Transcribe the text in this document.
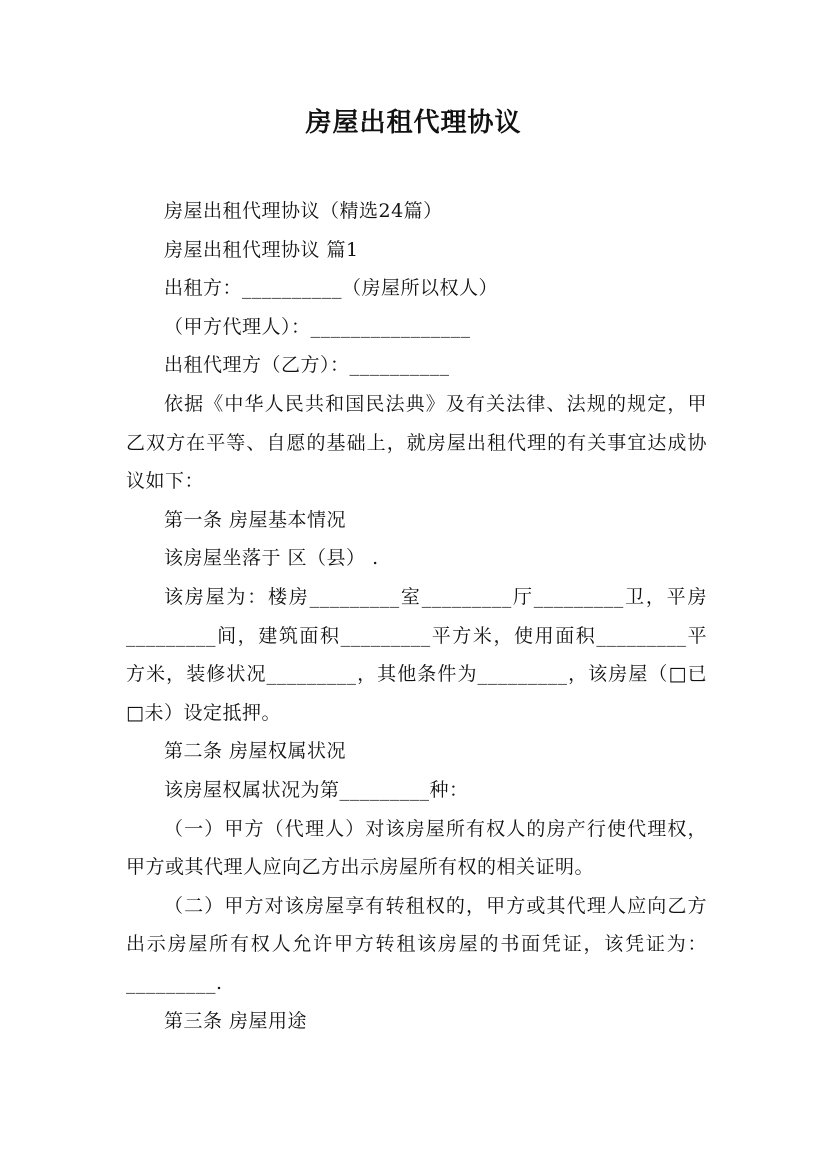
房屋出租代理协议

房屋出租代理协议（精选24篇）

房屋出租代理协议 篇1

出租方：__________（房屋所以权人）

（甲方代理人）：________________

出租代理方（乙方）：__________

依据《中华人民共和国民法典》及有关法律、法规的规定，甲乙双方在平等、自愿的基础上，就房屋出租代理的有关事宜达成协议如下：

第一条 房屋基本情况

该房屋坐落于 区（县） .

该房屋为：楼房_________室_________厅_________卫，平房_________间，建筑面积_________平方米，使用面积_________平方米，装修状况_________，其他条件为_________，该房屋（□已□未）设定抵押。

第二条 房屋权属状况

该房屋权属状况为第_________种：

（一）甲方（代理人）对该房屋所有权人的房产行使代理权，甲方或其代理人应向乙方出示房屋所有权的相关证明。

（二）甲方对该房屋享有转租权的，甲方或其代理人应向乙方出示房屋所有权人允许甲方转租该房屋的书面凭证，该凭证为：_________.

第三条 房屋用途
